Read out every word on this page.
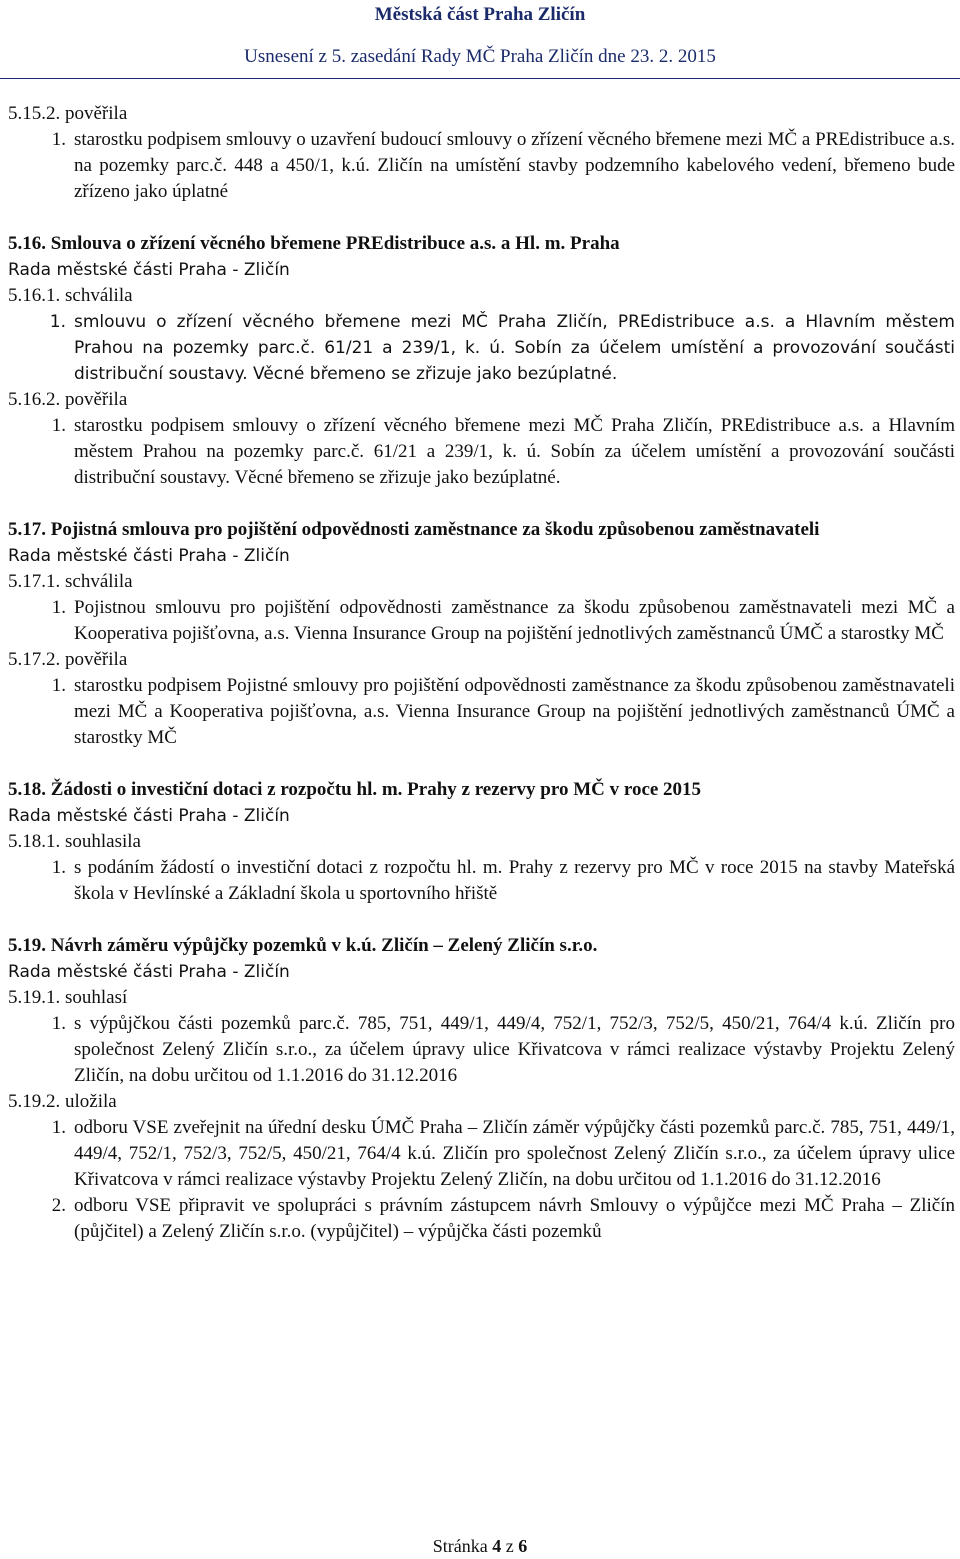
Městská část Praha Zličín
Usnesení z 5. zasedání Rady MČ Praha Zličín dne 23. 2. 2015
5.15.2. pověřila
1. starostku podpisem smlouvy o uzavření budoucí smlouvy o zřízení věcného břemene mezi MČ a PREdistribuce a.s. na pozemky parc.č. 448 a 450/1, k.ú. Zličín na umístění stavby podzemního kabelového vedení, břemeno bude zřízeno jako úplatné
5.16. Smlouva o zřízení věcného břemene PREdistribuce a.s. a Hl. m. Praha
Rada městské části Praha - Zličín
5.16.1. schválila
1. smlouvu o zřízení věcného břemene mezi MČ Praha Zličín, PREdistribuce a.s. a Hlavním městem Prahou na pozemky parc.č. 61/21 a 239/1, k. ú. Sobín za účelem umístění a provozování součásti distribuční soustavy. Věcné břemeno se zřizuje jako bezúplatné.
5.16.2. pověřila
1. starostku podpisem smlouvy o zřízení věcného břemene mezi MČ Praha Zličín, PREdistribuce a.s. a Hlavním městem Prahou na pozemky parc.č. 61/21 a 239/1, k. ú. Sobín za účelem umístění a provozování součásti distribuční soustavy. Věcné břemeno se zřizuje jako bezúplatné.
5.17. Pojistná smlouva pro pojištění odpovědnosti zaměstnance za škodu způsobenou zaměstnavateli
Rada městské části Praha - Zličín
5.17.1. schválila
1. Pojistnou smlouvu pro pojištění odpovědnosti zaměstnance za škodu způsobenou zaměstnavateli mezi MČ a Kooperativa pojišťovna, a.s. Vienna Insurance Group na pojištění jednotlivých zaměstnanců ÚMČ a starostky MČ
5.17.2. pověřila
1. starostku podpisem Pojistné smlouvy pro pojištění odpovědnosti zaměstnance za škodu způsobenou zaměstnavateli mezi MČ a Kooperativa pojišťovna, a.s. Vienna Insurance Group na pojištění jednotlivých zaměstnanců ÚMČ a starostky MČ
5.18. Žádosti o investiční dotaci z rozpočtu hl. m. Prahy z rezervy pro MČ v roce 2015
Rada městské části Praha - Zličín
5.18.1. souhlasila
1. s podáním žádostí o investiční dotaci z rozpočtu hl. m. Prahy z rezervy pro MČ v roce 2015 na stavby Mateřská škola v Hevlínské a Základní škola u sportovního hřiště
5.19. Návrh záměru výpůjčky pozemků v k.ú. Zličín – Zelený Zličín s.r.o.
Rada městské části Praha - Zličín
5.19.1. souhlasí
1. s výpůjčkou části pozemků parc.č. 785, 751, 449/1, 449/4, 752/1, 752/3, 752/5, 450/21, 764/4 k.ú. Zličín pro společnost Zelený Zličín s.r.o., za účelem úpravy ulice Křivatcova v rámci realizace výstavby Projektu Zelený Zličín, na dobu určitou od 1.1.2016 do 31.12.2016
5.19.2. uložila
1. odboru VSE zveřejnit na úřední desku ÚMČ Praha – Zličín záměr výpůjčky části pozemků parc.č. 785, 751, 449/1, 449/4, 752/1, 752/3, 752/5, 450/21, 764/4 k.ú. Zličín pro společnost Zelený Zličín s.r.o., za účelem úpravy ulice Křivatcova v rámci realizace výstavby Projektu Zelený Zličín, na dobu určitou od 1.1.2016 do 31.12.2016
2. odboru VSE připravit ve spolupráci s právním zástupcem návrh Smlouvy o výpůjčce mezi MČ Praha – Zličín (půjčitel) a Zelený Zličín s.r.o. (vypůjčitel) – výpůjčka části pozemků
Stránka 4 z 6
